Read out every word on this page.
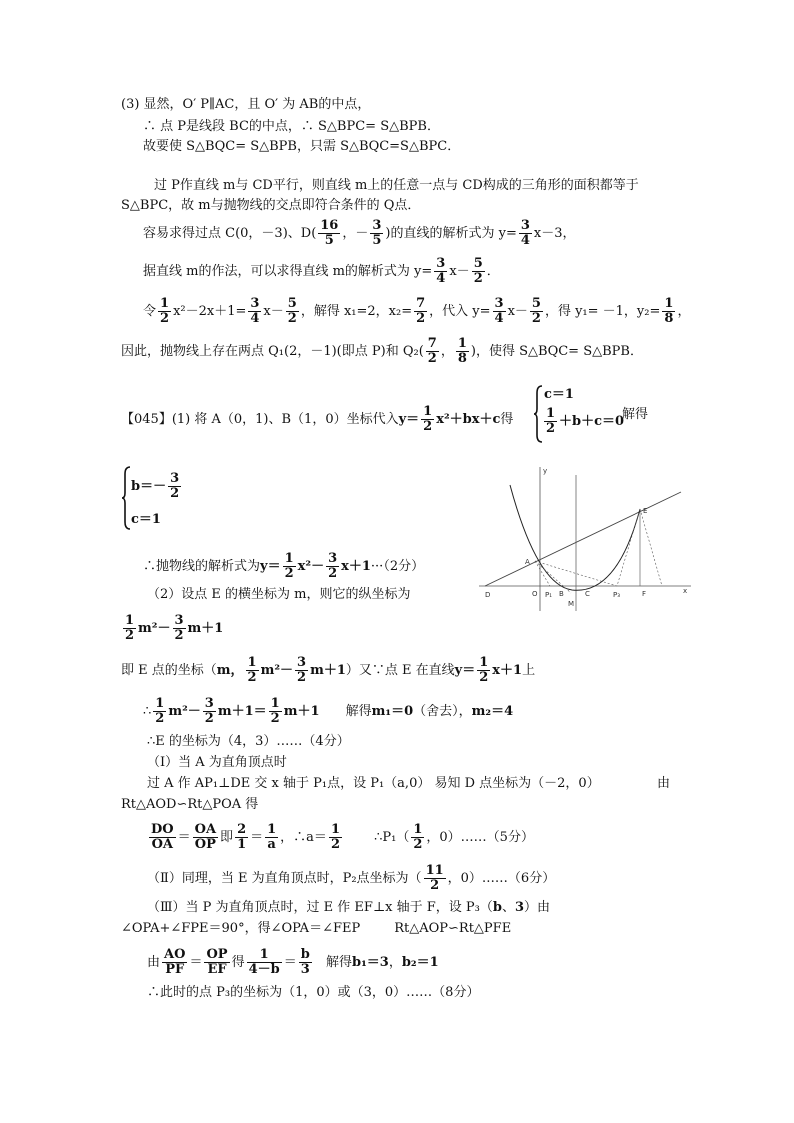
(3) 显然，O′ P∥AC，且 O′ 为 AB的中点，
∴ 点 P是线段 BC的中点，∴ S△BPC= S△BPB．
故要使 S△BQC= S△BPB，只需 S△BQC=S△BPC．
过 P作直线 m与 CD平行，则直线 m上的任意一点与 CD构成的三角形的面积都等于
S△BPC，故 m与抛物线的交点即符合条件的 Q点．
容易求得过点 C(0，－3)、$D( \frac{16}{5}$ ，－ $\frac{3}{5}$ )的直线的解析式为 $y= \frac{3}{4} x-3$，
据直线 m的作法，可以求得直线 m的解析式为 $y= \frac{3}{4} x- \frac{5}{2}$ ．
令 $\frac{1}{2} x^2-2x+1= \frac{3}{4} x- \frac{5}{2}$ ，解得 x₁=2，$x_2= \frac{7}{2}$ ，代入 $y= \frac{3}{4} x- \frac{5}{2}$ ，得 y₁= －1，$y_2= \frac{1}{8}$ ，
因此，抛物线上存在两点 Q₁(2，－1)(即点 P)和 $Q_2( \frac{7}{2}$ ， $\frac{1}{8}$ )，使得 S△BQC= S△BPB．
【045】(1) 将 A（0，1)、B（1，0）坐标代入$y= \frac{1}{2} x^2+bx+c$得
c＝1
$\frac{1}{2} +b+c=0$
解得
$b=- \frac{3}{2}$
c＝1
∴抛物线的解析式为$y= \frac{1}{2} x^2- \frac{3}{2} x+1\cdot\cdot\cdot(2$分）
（2）设点 E 的横坐标为 m，则它的纵坐标为
$\frac{1}{2} m^2- \frac{3}{2} m+1$
即 E 点的坐标（m， $\frac{1}{2} m^2- \frac{3}{2} m+1$）又∵点 E 在直线$y= \frac{1}{2} x+1$上
∴ $\frac{1}{2} m^2- \frac{3}{2} m+1= \frac{1}{2} m+1$ 解得m₁＝0（舍去），m₂＝4
∴E 的坐标为（4，3）……（4分）
（Ⅰ）当 A 为直角顶点时
过 A 作 AP₁⊥DE 交 x 轴于 P₁点，设 P₁（a,0） 易知 D 点坐标为（－2，0）	由
Rt△AOD∽Rt△POA 得
$\frac{DO}{OA} = \frac{OA}{OP}$ 即 $\frac{2}{1} = \frac{1}{a}$ ，∴a＝ $\frac{1}{2}$ ∴P₁（ $\frac{1}{2}$ ，0）……（5分）
（Ⅱ）同理，当 E 为直角顶点时，P₂点坐标为（ $\frac{11}{2}$ ，0）……（6分）
（Ⅲ）当 P 为直角顶点时，过 E 作 EF⊥x 轴于 F，设 P₃（b、3）由
∠OPA+∠FPE＝90°，得∠OPA＝∠FEP	Rt△AOP∽Rt△PFE
由 $\frac{AO}{PF} = \frac{OP}{EF}$ 得 $\frac{1}{4-b} = \frac{b}{3}$ 解得b₁＝3，b₂＝1
∴此时的点 P₃的坐标为（1，0）或（3，0）……（8分）
y
x
E
A
D	O P₁ B	C	P₃	F
M
